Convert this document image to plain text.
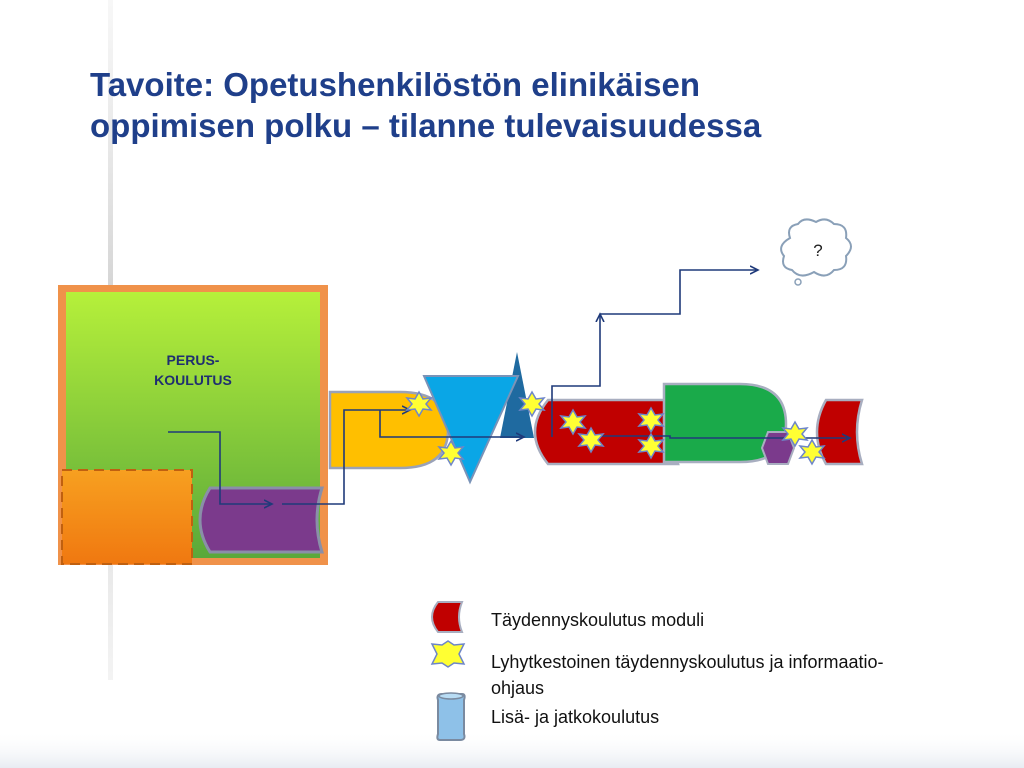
Tavoite: Opetushenkilöstön elinikäisen
oppimisen polku – tilanne tulevaisuudessa
PERUS-
KOULUTUS
?
Täydennyskoulutus moduli
Lyhytkestoinen täydennyskoulutus ja informaatio-
ohjaus
Lisä- ja jatkokoulutus
